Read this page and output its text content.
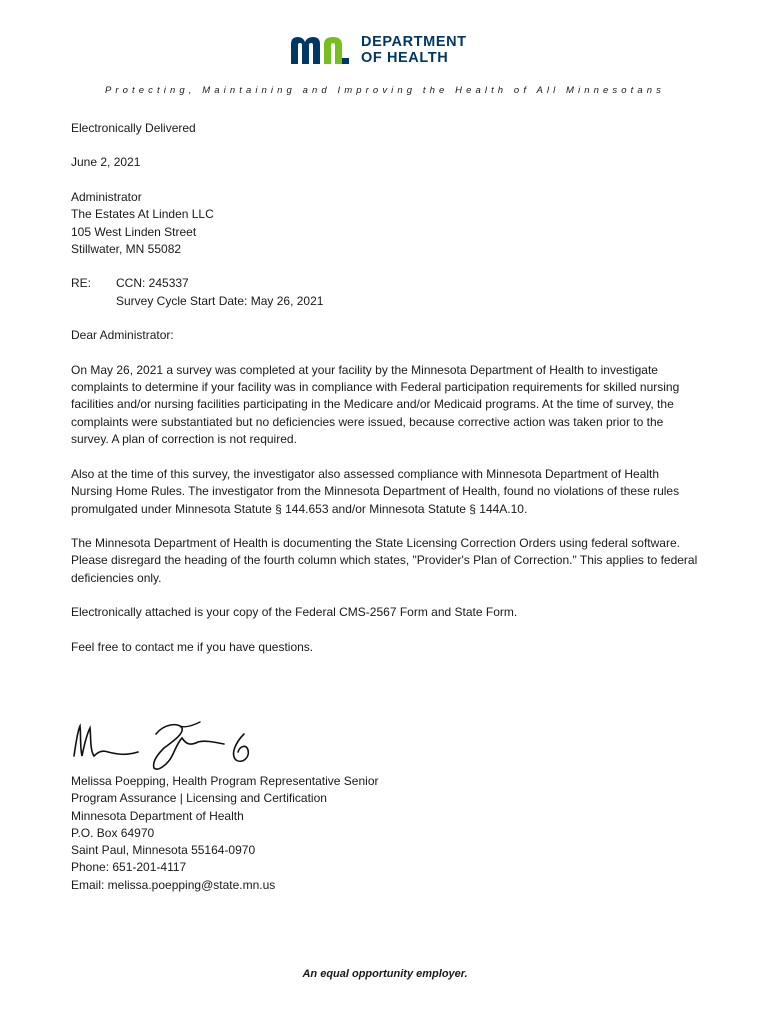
DEPARTMENT
OF HEALTH
Protecting, Maintaining and Improving the Health of All Minnesotans

Electronically Delivered

June 2, 2021

Administrator
The Estates At Linden LLC
105 West Linden Street
Stillwater, MN 55082

RE:	CCN: 245337
Survey Cycle Start Date: May 26, 2021

Dear Administrator:

On May 26, 2021 a survey was completed at your facility by the Minnesota Department of Health to investigate complaints to determine if your facility was in compliance with Federal participation requirements for skilled nursing facilities and/or nursing facilities participating in the Medicare and/or Medicaid programs. At the time of survey, the complaints were substantiated but no deficiencies were issued, because corrective action was taken prior to the survey. A plan of correction is not required.

Also at the time of this survey, the investigator also assessed compliance with Minnesota Department of Health Nursing Home Rules. The investigator from the Minnesota Department of Health, found no violations of these rules promulgated under Minnesota Statute § 144.653 and/or Minnesota Statute § 144A.10.

The Minnesota Department of Health is documenting the State Licensing Correction Orders using federal software. Please disregard the heading of the fourth column which states, "Provider's Plan of Correction." This applies to federal deficiencies only.

Electronically attached is your copy of the Federal CMS-2567 Form and State Form.

Feel free to contact me if you have questions.

Melissa Poepping, Health Program Representative Senior
Program Assurance | Licensing and Certification
Minnesota Department of Health
P.O. Box 64970
Saint Paul, Minnesota 55164-0970
Phone: 651-201-4117
Email: melissa.poepping@state.mn.us
An equal opportunity employer.
